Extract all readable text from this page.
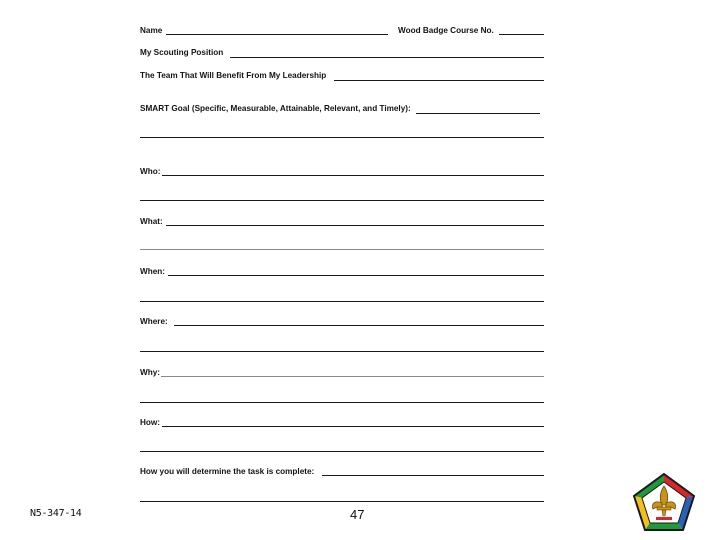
Name	Wood Badge Course No.
My Scouting Position
The Team That Will Benefit From My Leadership
SMART Goal (Specific, Measurable, Attainable, Relevant, and Timely):
Who:
What:
When:
Where:
Why:
How:
How you will determine the task is complete:
N5-347-14	47
